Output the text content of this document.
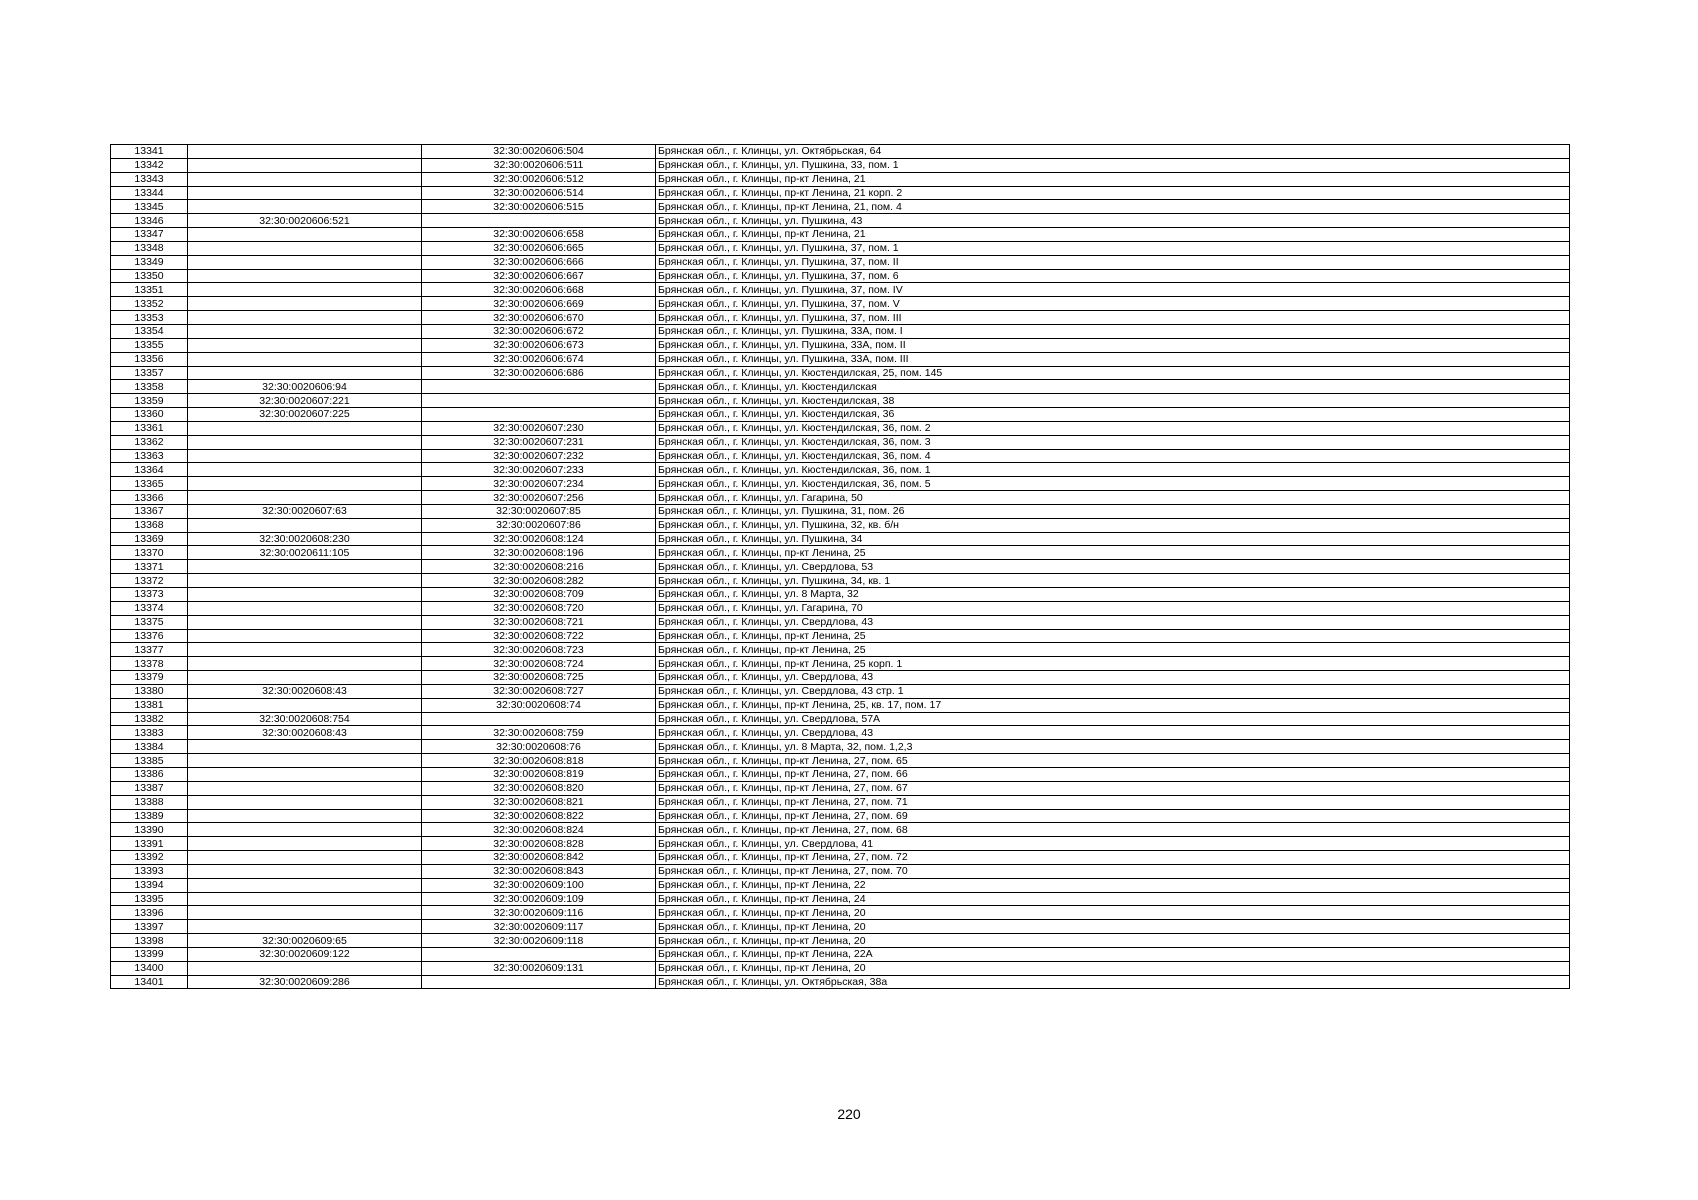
13341		32:30:0020606:504	Брянская обл., г. Клинцы, ул. Октябрьская, 64
13342		32:30:0020606:511	Брянская обл., г. Клинцы, ул. Пушкина, 33, пом. 1
13343		32:30:0020606:512	Брянская обл., г. Клинцы, пр-кт Ленина, 21
13344		32:30:0020606:514	Брянская обл., г. Клинцы, пр-кт Ленина, 21 корп. 2
13345		32:30:0020606:515	Брянская обл., г. Клинцы, пр-кт Ленина, 21, пом. 4
13346	32:30:0020606:521		Брянская обл., г. Клинцы, ул. Пушкина, 43
13347		32:30:0020606:658	Брянская обл., г. Клинцы, пр-кт Ленина, 21
13348		32:30:0020606:665	Брянская обл., г. Клинцы, ул. Пушкина, 37, пом. 1
13349		32:30:0020606:666	Брянская обл., г. Клинцы, ул. Пушкина, 37, пом. II
13350		32:30:0020606:667	Брянская обл., г. Клинцы, ул. Пушкина, 37, пом. 6
13351		32:30:0020606:668	Брянская обл., г. Клинцы, ул. Пушкина, 37, пом. IV
13352		32:30:0020606:669	Брянская обл., г. Клинцы, ул. Пушкина, 37, пом. V
13353		32:30:0020606:670	Брянская обл., г. Клинцы, ул. Пушкина, 37, пом. III
13354		32:30:0020606:672	Брянская обл., г. Клинцы, ул. Пушкина, 33А, пом. I
13355		32:30:0020606:673	Брянская обл., г. Клинцы, ул. Пушкина, 33А, пом. II
13356		32:30:0020606:674	Брянская обл., г. Клинцы, ул. Пушкина, 33А, пом. III
13357		32:30:0020606:686	Брянская обл., г. Клинцы, ул. Кюстендилская, 25, пом. 145
13358	32:30:0020606:94		Брянская обл., г. Клинцы, ул. Кюстендилская
13359	32:30:0020607:221		Брянская обл., г. Клинцы, ул. Кюстендилская, 38
13360	32:30:0020607:225		Брянская обл., г. Клинцы, ул. Кюстендилская, 36
13361		32:30:0020607:230	Брянская обл., г. Клинцы, ул. Кюстендилская, 36, пом. 2
13362		32:30:0020607:231	Брянская обл., г. Клинцы, ул. Кюстендилская, 36, пом. 3
13363		32:30:0020607:232	Брянская обл., г. Клинцы, ул. Кюстендилская, 36, пом. 4
13364		32:30:0020607:233	Брянская обл., г. Клинцы, ул. Кюстендилская, 36, пом. 1
13365		32:30:0020607:234	Брянская обл., г. Клинцы, ул. Кюстендилская, 36, пом. 5
13366		32:30:0020607:256	Брянская обл., г. Клинцы, ул. Гагарина, 50
13367	32:30:0020607:63	32:30:0020607:85	Брянская обл., г. Клинцы, ул. Пушкина, 31, пом. 26
13368		32:30:0020607:86	Брянская обл., г. Клинцы, ул. Пушкина, 32, кв. б/н
13369	32:30:0020608:230	32:30:0020608:124	Брянская обл., г. Клинцы, ул. Пушкина, 34
13370	32:30:0020611:105	32:30:0020608:196	Брянская обл., г. Клинцы, пр-кт Ленина, 25
13371		32:30:0020608:216	Брянская обл., г. Клинцы, ул. Свердлова, 53
13372		32:30:0020608:282	Брянская обл., г. Клинцы, ул. Пушкина, 34, кв. 1
13373		32:30:0020608:709	Брянская обл., г. Клинцы, ул. 8 Марта, 32
13374		32:30:0020608:720	Брянская обл., г. Клинцы, ул. Гагарина, 70
13375		32:30:0020608:721	Брянская обл., г. Клинцы, ул. Свердлова, 43
13376		32:30:0020608:722	Брянская обл., г. Клинцы, пр-кт Ленина, 25
13377		32:30:0020608:723	Брянская обл., г. Клинцы, пр-кт Ленина, 25
13378		32:30:0020608:724	Брянская обл., г. Клинцы, пр-кт Ленина, 25 корп. 1
13379		32:30:0020608:725	Брянская обл., г. Клинцы, ул. Свердлова, 43
13380	32:30:0020608:43	32:30:0020608:727	Брянская обл., г. Клинцы, ул. Свердлова, 43 стр. 1
13381		32:30:0020608:74	Брянская обл., г. Клинцы, пр-кт Ленина, 25, кв. 17, пом. 17
13382	32:30:0020608:754		Брянская обл., г. Клинцы, ул. Свердлова, 57А
13383	32:30:0020608:43	32:30:0020608:759	Брянская обл., г. Клинцы, ул. Свердлова, 43
13384		32:30:0020608:76	Брянская обл., г. Клинцы, ул. 8 Марта, 32, пом. 1,2,3
13385		32:30:0020608:818	Брянская обл., г. Клинцы, пр-кт Ленина, 27, пом. 65
13386		32:30:0020608:819	Брянская обл., г. Клинцы, пр-кт Ленина, 27, пом. 66
13387		32:30:0020608:820	Брянская обл., г. Клинцы, пр-кт Ленина, 27, пом. 67
13388		32:30:0020608:821	Брянская обл., г. Клинцы, пр-кт Ленина, 27, пом. 71
13389		32:30:0020608:822	Брянская обл., г. Клинцы, пр-кт Ленина, 27, пом. 69
13390		32:30:0020608:824	Брянская обл., г. Клинцы, пр-кт Ленина, 27, пом. 68
13391		32:30:0020608:828	Брянская обл., г. Клинцы, ул. Свердлова, 41
13392		32:30:0020608:842	Брянская обл., г. Клинцы, пр-кт Ленина, 27, пом. 72
13393		32:30:0020608:843	Брянская обл., г. Клинцы, пр-кт Ленина, 27, пом. 70
13394		32:30:0020609:100	Брянская обл., г. Клинцы, пр-кт Ленина, 22
13395		32:30:0020609:109	Брянская обл., г. Клинцы, пр-кт Ленина, 24
13396		32:30:0020609:116	Брянская обл., г. Клинцы, пр-кт Ленина, 20
13397		32:30:0020609:117	Брянская обл., г. Клинцы, пр-кт Ленина, 20
13398	32:30:0020609:65	32:30:0020609:118	Брянская обл., г. Клинцы, пр-кт Ленина, 20
13399	32:30:0020609:122		Брянская обл., г. Клинцы, пр-кт Ленина, 22А
13400		32:30:0020609:131	Брянская обл., г. Клинцы, пр-кт Ленина, 20
13401	32:30:0020609:286		Брянская обл., г. Клинцы, ул. Октябрьская, 38а
220
